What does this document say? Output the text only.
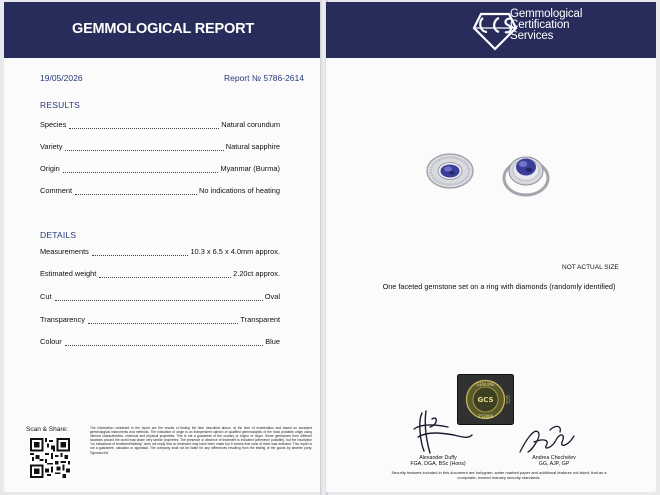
GEMMOLOGICAL REPORT
19/05/2026	Report № 5786-2614
RESULTS
Species	Natural corundum
Variety	Natural sapphire
Origin	Myanmar (Burma)
Comment	No indications of heating
DETAILS
Measurements	10.3 x 6.5 x 4.0mm approx.
Estimated weight	2.20ct approx.
Cut	Oval
Transparency	Transparent
Colour	Blue
Scan & Share:	The information contained in the report are the results of testing the item described above, at the time of examination and based on accepted gemmological instruments and methods. The indication of origin is an independent opinion of qualified gemmologists of the most probable origin using internal characteristics, chemical and physical properties. This is not a guarantee of the country or region of origin. Some gemstones from different locations around the world may share very similar properties. The presence or absence of treatment is indicated (whenever possible), but the inscription "no indications of treatment/heating" does not imply that no treatment may have been made but it means that none of them was detected. This report is not a guarantee, valuation or appraisal. The company shall not be liable for any differences resulting from the testing of the goods by another party. ©gemscc.ltd
Gemmological
Certification
Services
NOT ACTUAL SIZE
One faceted gemstone set on a ring with diamonds (randomly identified)
GENUINE
GCS	GCS
153006
Alexander Duffy
FGA, DGA, BSc (Hons)
Andrea Chechelev
GG, AJP, GP
Security features included in this document are hologram, water marked paper and additional features not listed, that as a composite, exceed industry security standards.
